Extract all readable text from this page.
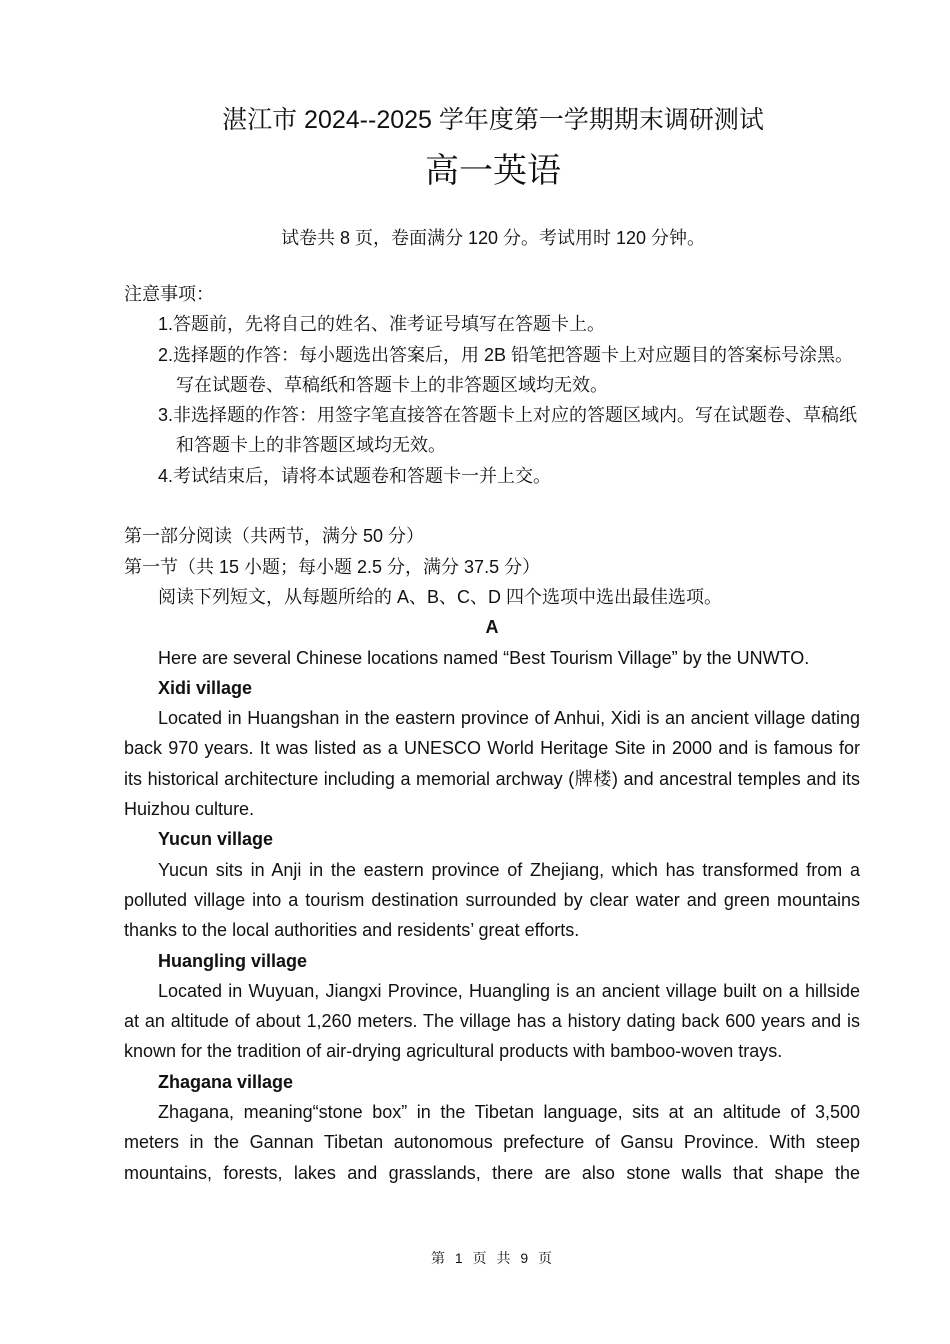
湛江市 2024--2025 学年度第一学期期末调研测试
高一英语
试卷共 8 页，卷面满分 120 分。考试用时 120 分钟。

注意事项：

1.答题前，先将自己的姓名、准考证号填写在答题卡上。

2.选择题的作答：每小题选出答案后，用 2B 铅笔把答题卡上对应题目的答案标号涂黑。写在试题卷、草稿纸和答题卡上的非答题区域均无效。

3.非选择题的作答：用签字笔直接答在答题卡上对应的答题区域内。写在试题卷、草稿纸和答题卡上的非答题区域均无效。

4.考试结束后，请将本试题卷和答题卡一并上交。

第一部分阅读（共两节，满分 50 分）

第一节（共 15 小题；每小题 2.5 分，满分 37.5 分）

阅读下列短文，从每题所给的 A、B、C、D 四个选项中选出最佳选项。

A

Here are several Chinese locations named “Best Tourism Village” by the UNWTO.

Xidi village

Located in Huangshan in the eastern province of Anhui, Xidi is an ancient village dating back 970 years. It was listed as a UNESCO World Heritage Site in 2000 and is famous for its historical architecture including a memorial archway (牌楼) and ancestral temples and its Huizhou culture.

Yucun village

Yucun sits in Anji in the eastern province of Zhejiang, which has transformed from a polluted village into a tourism destination surrounded by clear water and green mountains thanks to the local authorities and residents’ great efforts.

Huangling village

Located in Wuyuan, Jiangxi Province, Huangling is an ancient village built on a hillside at an altitude of about 1,260 meters. The village has a history dating back 600 years and is known for the tradition of air-drying agricultural products with bamboo-woven trays.

Zhagana village

Zhagana, meaning“stone box” in the Tibetan language, sits at an altitude of 3,500 meters in the Gannan Tibetan autonomous prefecture of Gansu Province. With steep mountains, forests, lakes and grasslands, there are also stone walls that shape the

第 1 页 共 9 页
